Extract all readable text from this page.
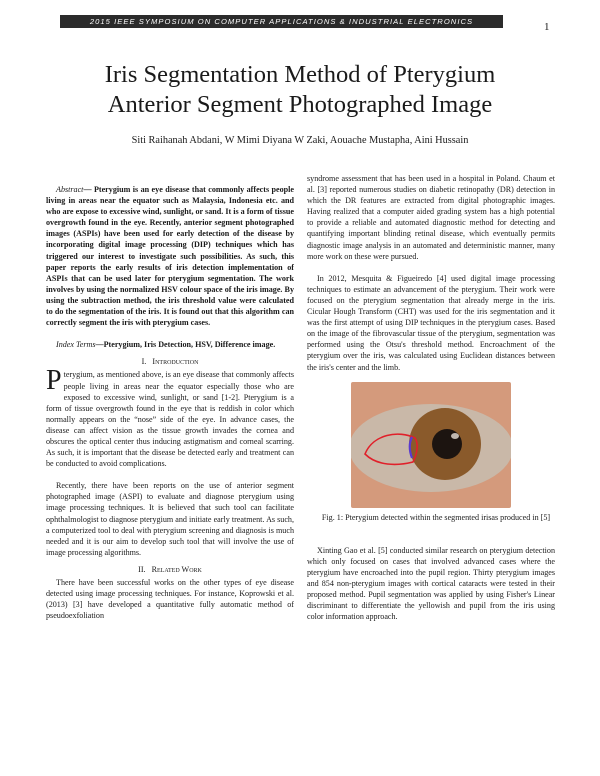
2015 IEEE SYMPOSIUM ON COMPUTER APPLICATIONS & INDUSTRIAL ELECTRONICS	1
Iris Segmentation Method of Pterygium
Anterior Segment Photographed Image
Siti Raihanah Abdani, W Mimi Diyana W Zaki, Aouache Mustapha, Aini Hussain

Abstract— Pterygium is an eye disease that commonly affects people living in areas near the equator such as Malaysia, Indonesia etc. and who are expose to excessive wind, sunlight, or sand. It is a form of tissue overgrowth found in the eye. Recently, anterior segment photographed images (ASPIs) have been used for early detection of the disease by incorporating digital image processing (DIP) techniques which has triggered our interest to investigate such possibilities. As such, this paper reports the early results of iris detection implementation of ASPIs that can be used later for pterygium segmentation. The work involves by using the normalized HSV colour space of the iris image. By using the subtraction method, the iris threshold value were calculated to do the segmentation of the iris. It is found out that this algorithm can correctly segment the iris with pterygium cases.

Index Terms—Pterygium, Iris Detection, HSV, Difference image.

I. Introduction

Pterygium, as mentioned above, is an eye disease that commonly affects people living in areas near the equator especially those who are exposed to excessive wind, sunlight, or sand [1-2]. Pterygium is a form of tissue overgrowth found in the eye that is reddish in color which normally appears on the “nose” side of the eye. In advance cases, the disease can affect vision as the tissue growth invades the cornea and obscures the optical center thus inducing astigmatism and corneal scarring. As such, it is important that the disease be detected early and treatment can be conducted to avoid complications.

Recently, there have been reports on the use of anterior segment photographed image (ASPI) to evaluate and diagnose pterygium using image processing techniques. It is believed that such tool can facilitate ophthalmologist to diagnose pterygium and initiate early treatment. As such, a computerized tool to deal with pterygium screening and diagnosis is much needed and it is our aim to develop such tool that will involve the use of image processing algorithms.

II. Related Work

There have been successful works on the other types of eye disease detected using image processing techniques. For instance, Koprowski et al. (2013) [3] have developed a quantitative fully automatic method of pseudoexfoliation

syndrome assessment that has been used in a hospital in Poland. Chaum et al. [3] reported numerous studies on diabetic retinopathy (DR) detection in which the DR features are extracted from digital photographic images. Having realized that a computer aided grading system has a high potential to provide a reliable and automated diagnostic method for detecting and quantifying important blinding retinal disease, which eventually permits diagnostic image analysis in an automated and deterministic manner, many more work on these were pursued.

In 2012, Mesquita & Figueiredo [4] used digital image processing techniques to estimate an advancement of the pterygium. Their work were focused on the pterygium segmentation that already merge in the iris. Cicular Hough Transform (CHT) was used for the iris segmentation and it was the first attempt of using DIP techniques in the pterygium cases. Based on the image of the fibrovascular tissue of the pterygium, segmentation was performed using the Otsu's threshold method. Encroachment of the pterygium over the iris, was calculated using Euclidean distances between the iris's center and the limb.

Fig. 1: Pterygium detected within the segmented irisas produced in [5]

Xinting Gao et al. [5] conducted similar research on pterygium detection which only focused on cases that involved advanced cases where the pterygium have encroached into the pupil region. Thirty pterygium images and 854 non-pterygium images with cortical cataracts were tested in their proposed method. Pupil segmentation was applied by using Fisher's Linear discriminant to differentiate the yellowish and pupil from the iris using color information approach.
